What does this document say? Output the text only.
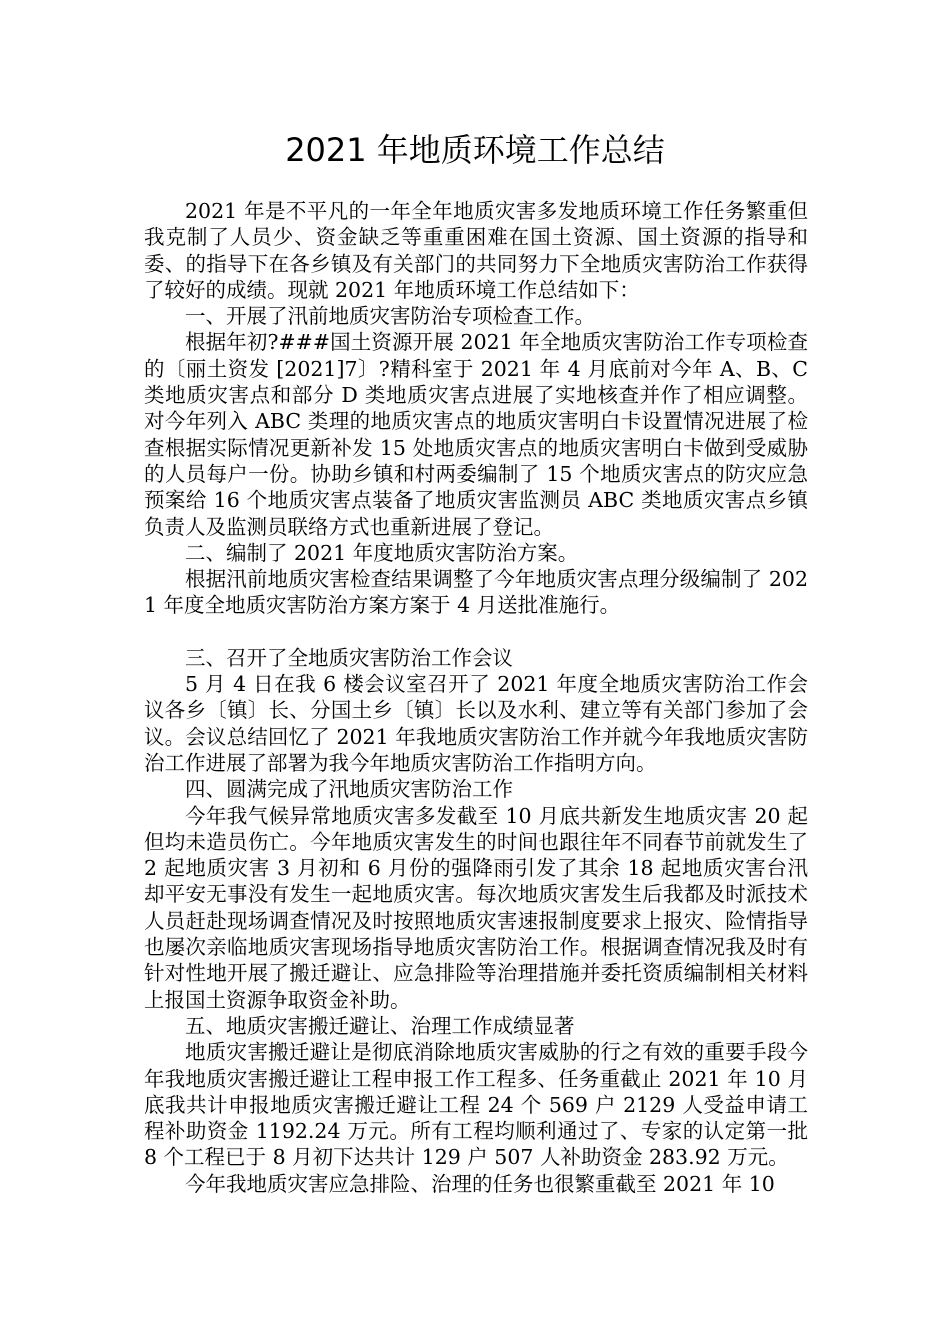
2021 年地质环境工作总结

2021 年是不平凡的一年全年地质灾害多发地质环境工作任务繁重但我克制了人员少、资金缺乏等重重困难在国土资源、国土资源的指导和委、的指导下在各乡镇及有关部门的共同努力下全地质灾害防治工作获得了较好的成绩。现就 2021 年地质环境工作总结如下：

一、开展了汛前地质灾害防治专项检查工作。

根据年初?###国土资源开展 2021 年全地质灾害防治工作专项检查的〔丽土资发 [2021]7〕?精科室于 2021 年 4 月底前对今年 A、B、C 类地质灾害点和部分 D 类地质灾害点进展了实地核查并作了相应调整。对今年列入 ABC 类理的地质灾害点的地质灾害明白卡设置情况进展了检查根据实际情况更新补发 15 处地质灾害点的地质灾害明白卡做到受威胁的人员每户一份。协助乡镇和村两委编制了 15 个地质灾害点的防灾应急预案给 16 个地质灾害点装备了地质灾害监测员 ABC 类地质灾害点乡镇负责人及监测员联络方式也重新进展了登记。

二、编制了 2021 年度地质灾害防治方案。

根据汛前地质灾害检查结果调整了今年地质灾害点理分级编制了 2021 年度全地质灾害防治方案方案于 4 月送批准施行。

三、召开了全地质灾害防治工作会议

5 月 4 日在我 6 楼会议室召开了 2021 年度全地质灾害防治工作会议各乡〔镇〕长、分国土乡〔镇〕长以及水利、建立等有关部门参加了会议。会议总结回忆了 2021 年我地质灾害防治工作并就今年我地质灾害防治工作进展了部署为我今年地质灾害防治工作指明方向。

四、圆满完成了汛地质灾害防治工作

今年我气候异常地质灾害多发截至 10 月底共新发生地质灾害 20 起但均未造员伤亡。今年地质灾害发生的时间也跟往年不同春节前就发生了 2 起地质灾害 3 月初和 6 月份的强降雨引发了其余 18 起地质灾害台汛却平安无事没有发生一起地质灾害。每次地质灾害发生后我都及时派技术人员赶赴现场调查情况及时按照地质灾害速报制度要求上报灾、险情指导也屡次亲临地质灾害现场指导地质灾害防治工作。根据调查情况我及时有针对性地开展了搬迁避让、应急排险等治理措施并委托资质编制相关材料上报国土资源争取资金补助。

五、地质灾害搬迁避让、治理工作成绩显著

地质灾害搬迁避让是彻底消除地质灾害威胁的行之有效的重要手段今年我地质灾害搬迁避让工程申报工作工程多、任务重截止 2021 年 10 月底我共计申报地质灾害搬迁避让工程 24 个 569 户 2129 人受益申请工程补助资金 1192.24 万元。所有工程均顺利通过了、专家的认定第一批 8 个工程已于 8 月初下达共计 129 户 507 人补助资金 283.92 万元。

今年我地质灾害应急排险、治理的任务也很繁重截至 2021 年 10
